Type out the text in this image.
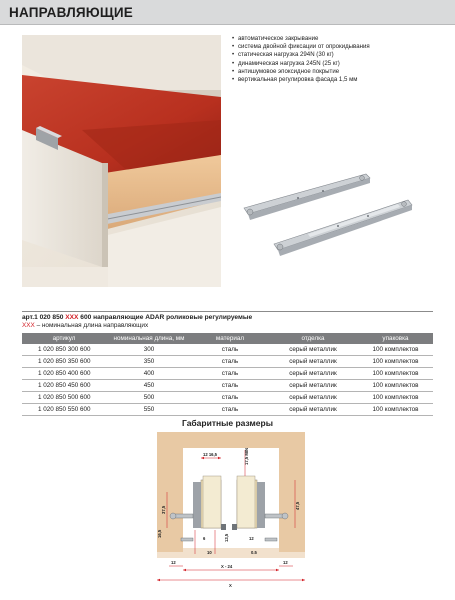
НАПРАВЛЯЮЩИЕ
• автоматическое закрывание
• система двойной фиксации от опрокидывания
• статическая нагрузка 294N (30 кг)
• динамическая нагрузка 245N (25 кг)
• антишумовое эпоксидное покрытие
• вертикальная регулировка фасада 1,5 мм
арт.1 020 850 XXX 600 направляющие ADAR роликовые регулируемые
XXX – номинальная длина направляющих
артикул	номинальная длина, мм	материал	отделка	упаковка
1 020 850 300 600	300	сталь	серый металлик	100 комплектов
1 020 850 350 600	350	сталь	серый металлик	100 комплектов
1 020 850 400 600	400	сталь	серый металлик	100 комплектов
1 020 850 450 600	450	сталь	серый металлик	100 комплектов
1 020 850 500 600	500	сталь	серый металлик	100 комплектов
1 020 850 550 600	550	сталь	серый металлик	100 комплектов
Габаритные размеры
12 16,5	17,5 MIN
37,5
16,5	13,5
47,5
12
X - 24
12
X
6
10
12
0.5
